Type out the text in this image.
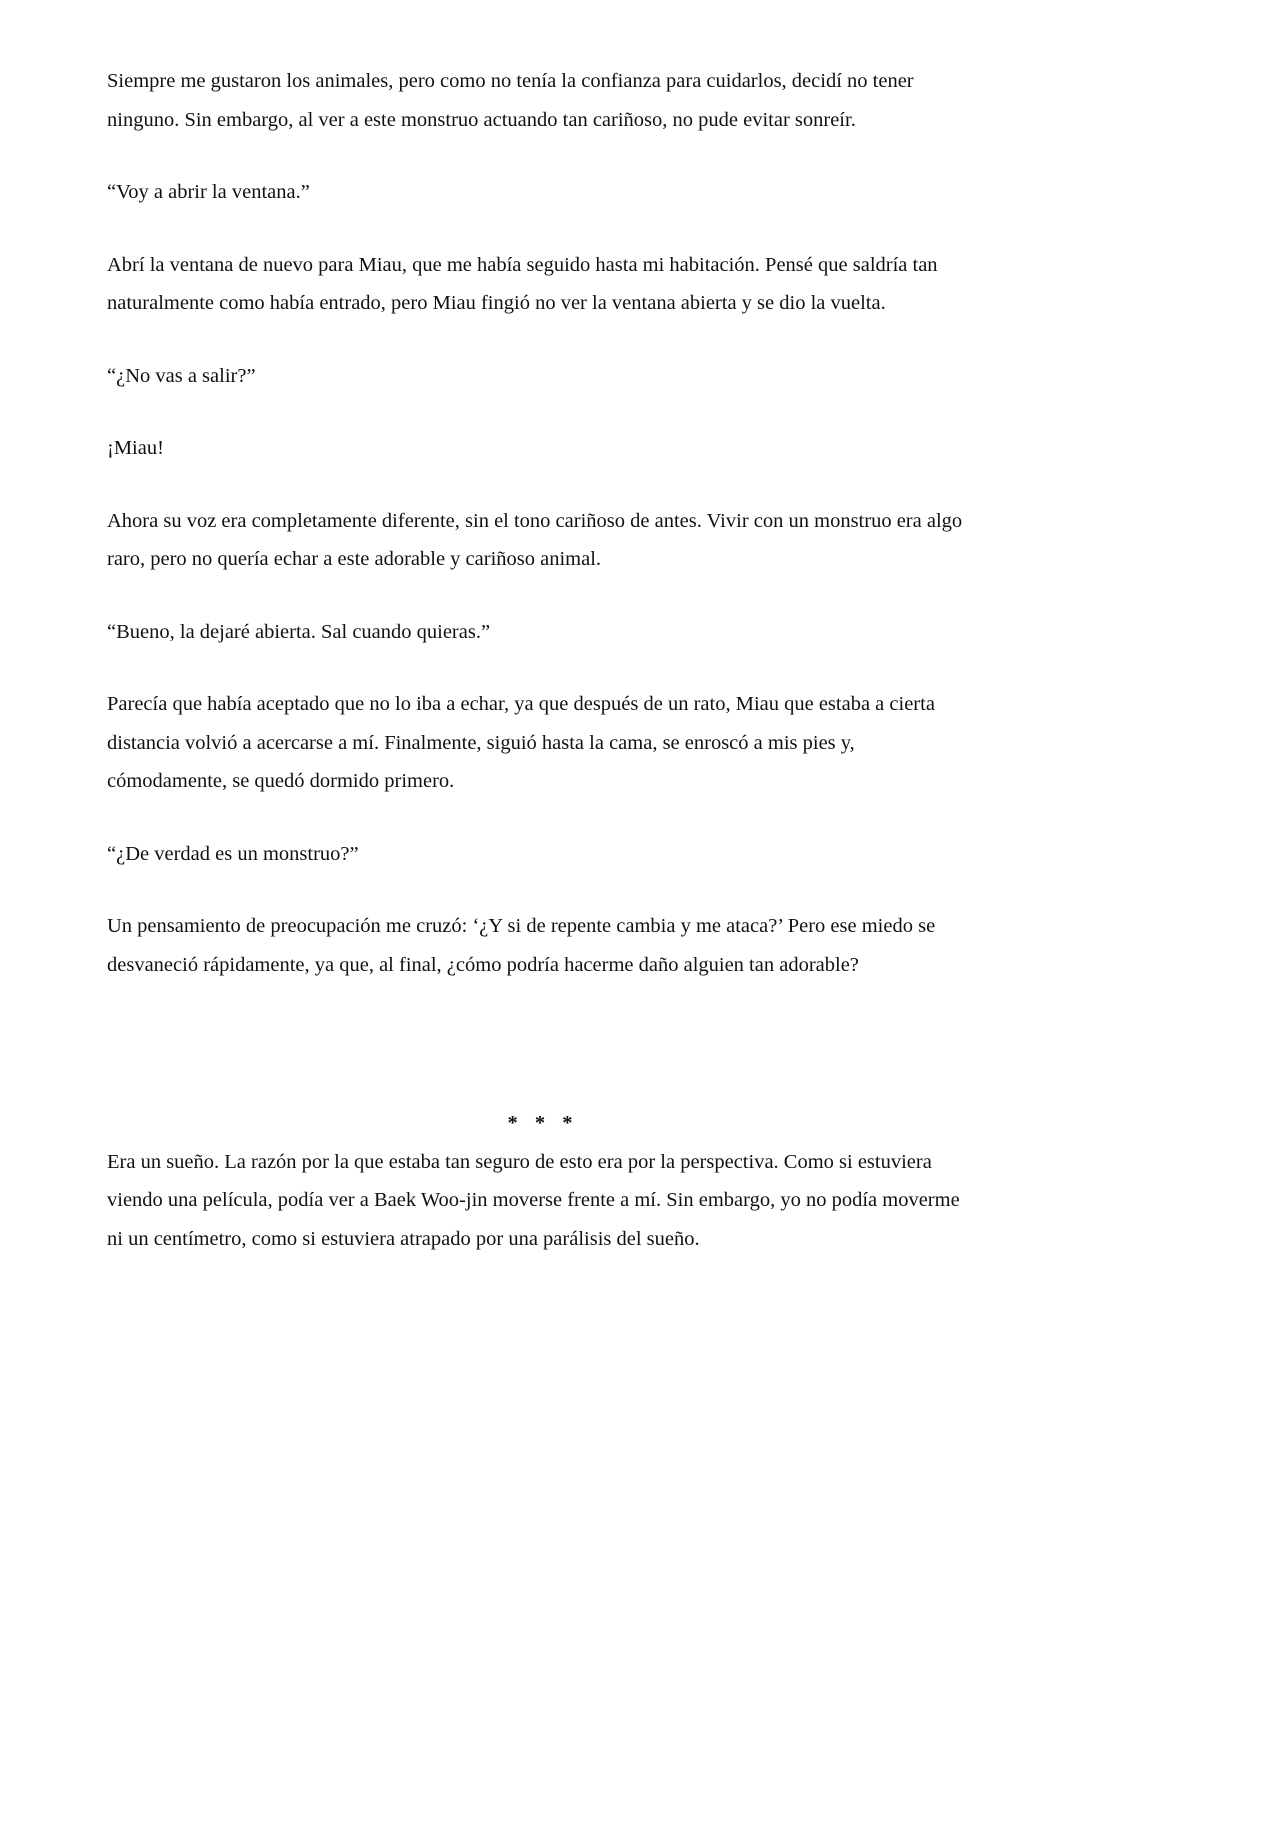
Siempre me gustaron los animales, pero como no tenía la confianza para cuidarlos, decidí no tener ninguno. Sin embargo, al ver a este monstruo actuando tan cariñoso, no pude evitar sonreír.

“Voy a abrir la ventana.”

Abrí la ventana de nuevo para Miau, que me había seguido hasta mi habitación. Pensé que saldría tan naturalmente como había entrado, pero Miau fingió no ver la ventana abierta y se dio la vuelta.

“¿No vas a salir?”

¡Miau!

Ahora su voz era completamente diferente, sin el tono cariñoso de antes. Vivir con un monstruo era algo raro, pero no quería echar a este adorable y cariñoso animal.

“Bueno, la dejaré abierta. Sal cuando quieras.”

Parecía que había aceptado que no lo iba a echar, ya que después de un rato, Miau que estaba a cierta distancia volvió a acercarse a mí. Finalmente, siguió hasta la cama, se enroscó a mis pies y, cómodamente, se quedó dormido primero.

“¿De verdad es un monstruo?”

Un pensamiento de preocupación me cruzó: ‘¿Y si de repente cambia y me ataca?’ Pero ese miedo se desvaneció rápidamente, ya que, al final, ¿cómo podría hacerme daño alguien tan adorable?

* * *

Era un sueño. La razón por la que estaba tan seguro de esto era por la perspectiva. Como si estuviera viendo una película, podía ver a Baek Woo-jin moverse frente a mí. Sin embargo, yo no podía moverme ni un centímetro, como si estuviera atrapado por una parálisis del sueño.
